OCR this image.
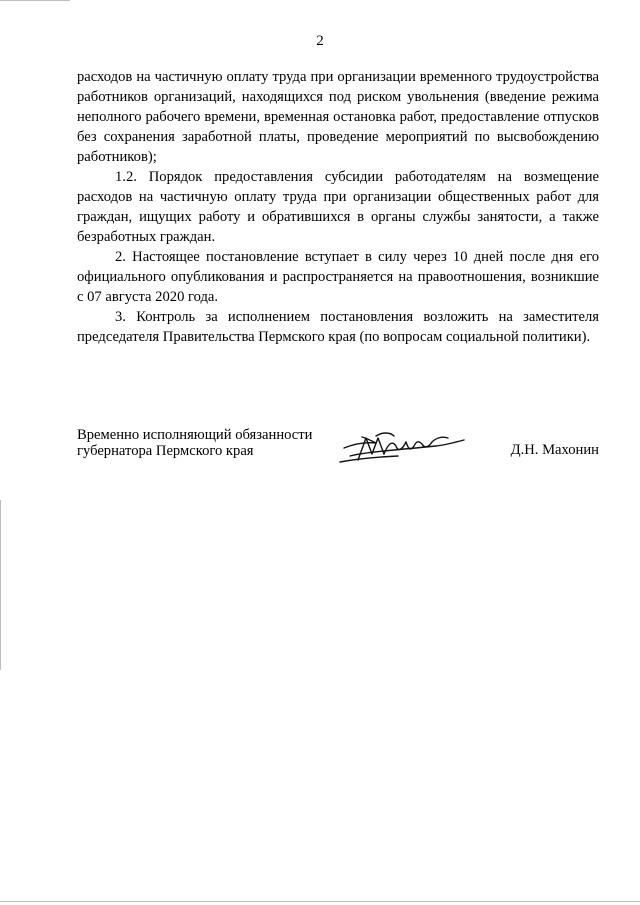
2

расходов на частичную оплату труда при организации временного трудоустройства работников организаций, находящихся под риском увольнения (введение режима неполного рабочего времени, временная остановка работ, предоставление отпусков без сохранения заработной платы, проведение мероприятий по высвобождению работников);

1.2. Порядок предоставления субсидии работодателям на возмещение расходов на частичную оплату труда при организации общественных работ для граждан, ищущих работу и обратившихся в органы службы занятости, а также безработных граждан.

2. Настоящее постановление вступает в силу через 10 дней после дня его официального опубликования и распространяется на правоотношения, возникшие с 07 августа 2020 года.

3. Контроль за исполнением постановления возложить на заместителя председателя Правительства Пермского края (по вопросам социальной политики).

Временно исполняющий обязанности
губернатора Пермского края	Д.Н. Махонин
